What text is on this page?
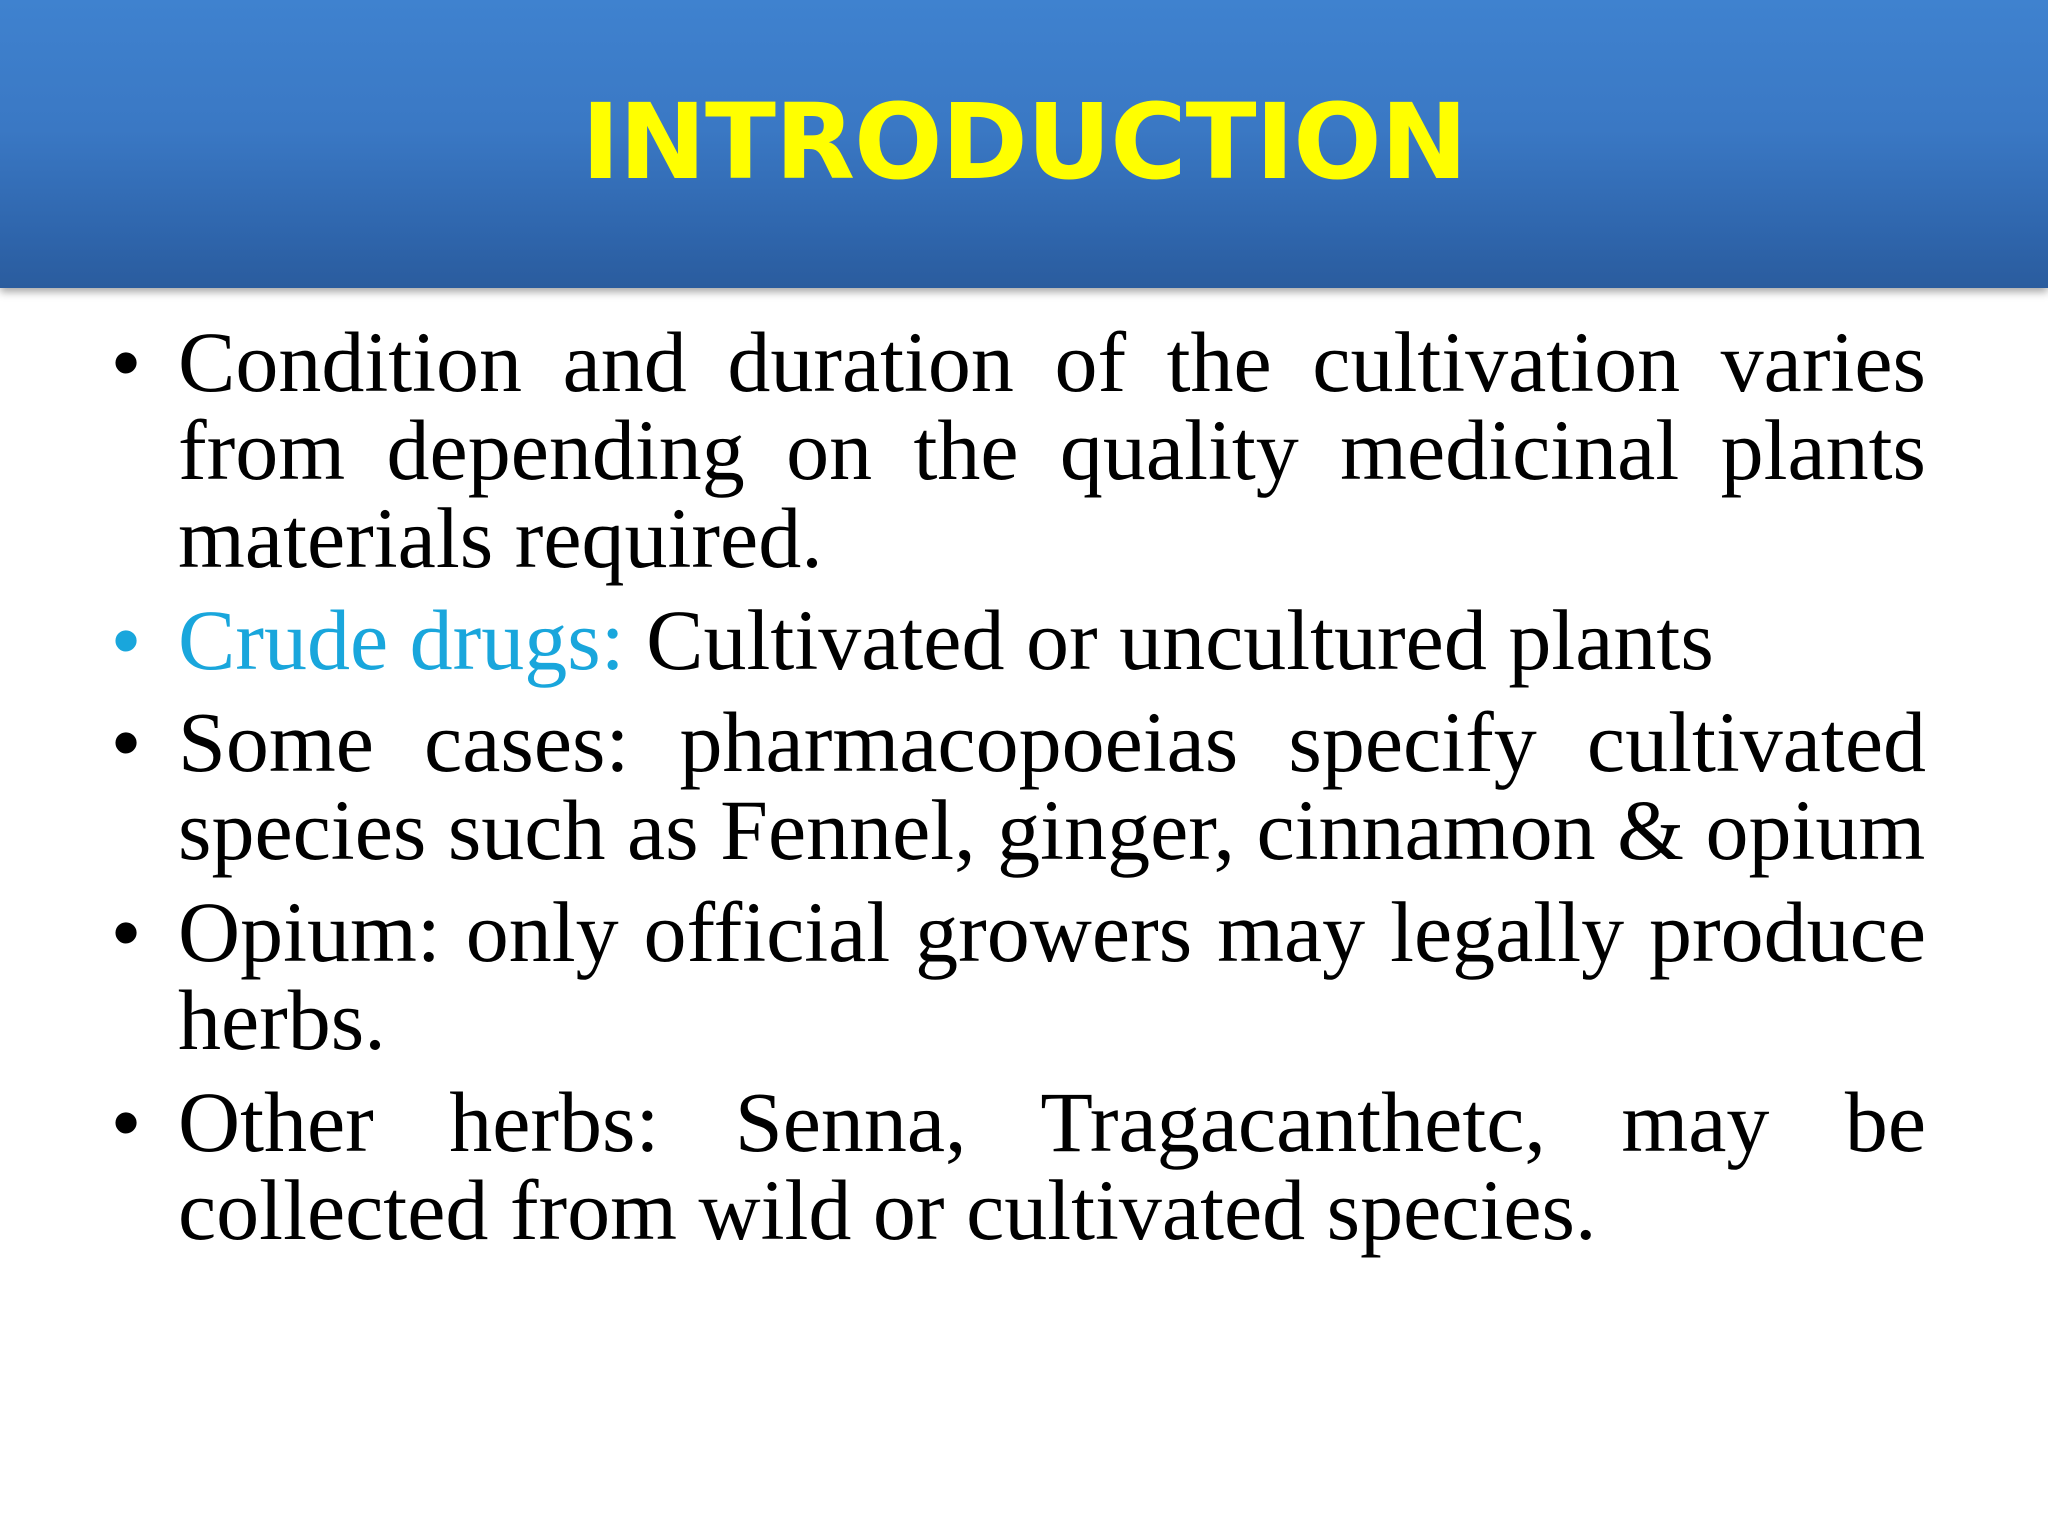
INTRODUCTION
• Condition and duration of the cultivation varies from depending on the quality medicinal plants materials required.
• Crude drugs: Cultivated or uncultured plants
• Some cases: pharmacopoeias specify cultivated species such as Fennel, ginger, cinnamon & opium
• Opium: only official growers may legally produce herbs.
• Other herbs: Senna, Tragacanthetc, may be collected from wild or cultivated species.
